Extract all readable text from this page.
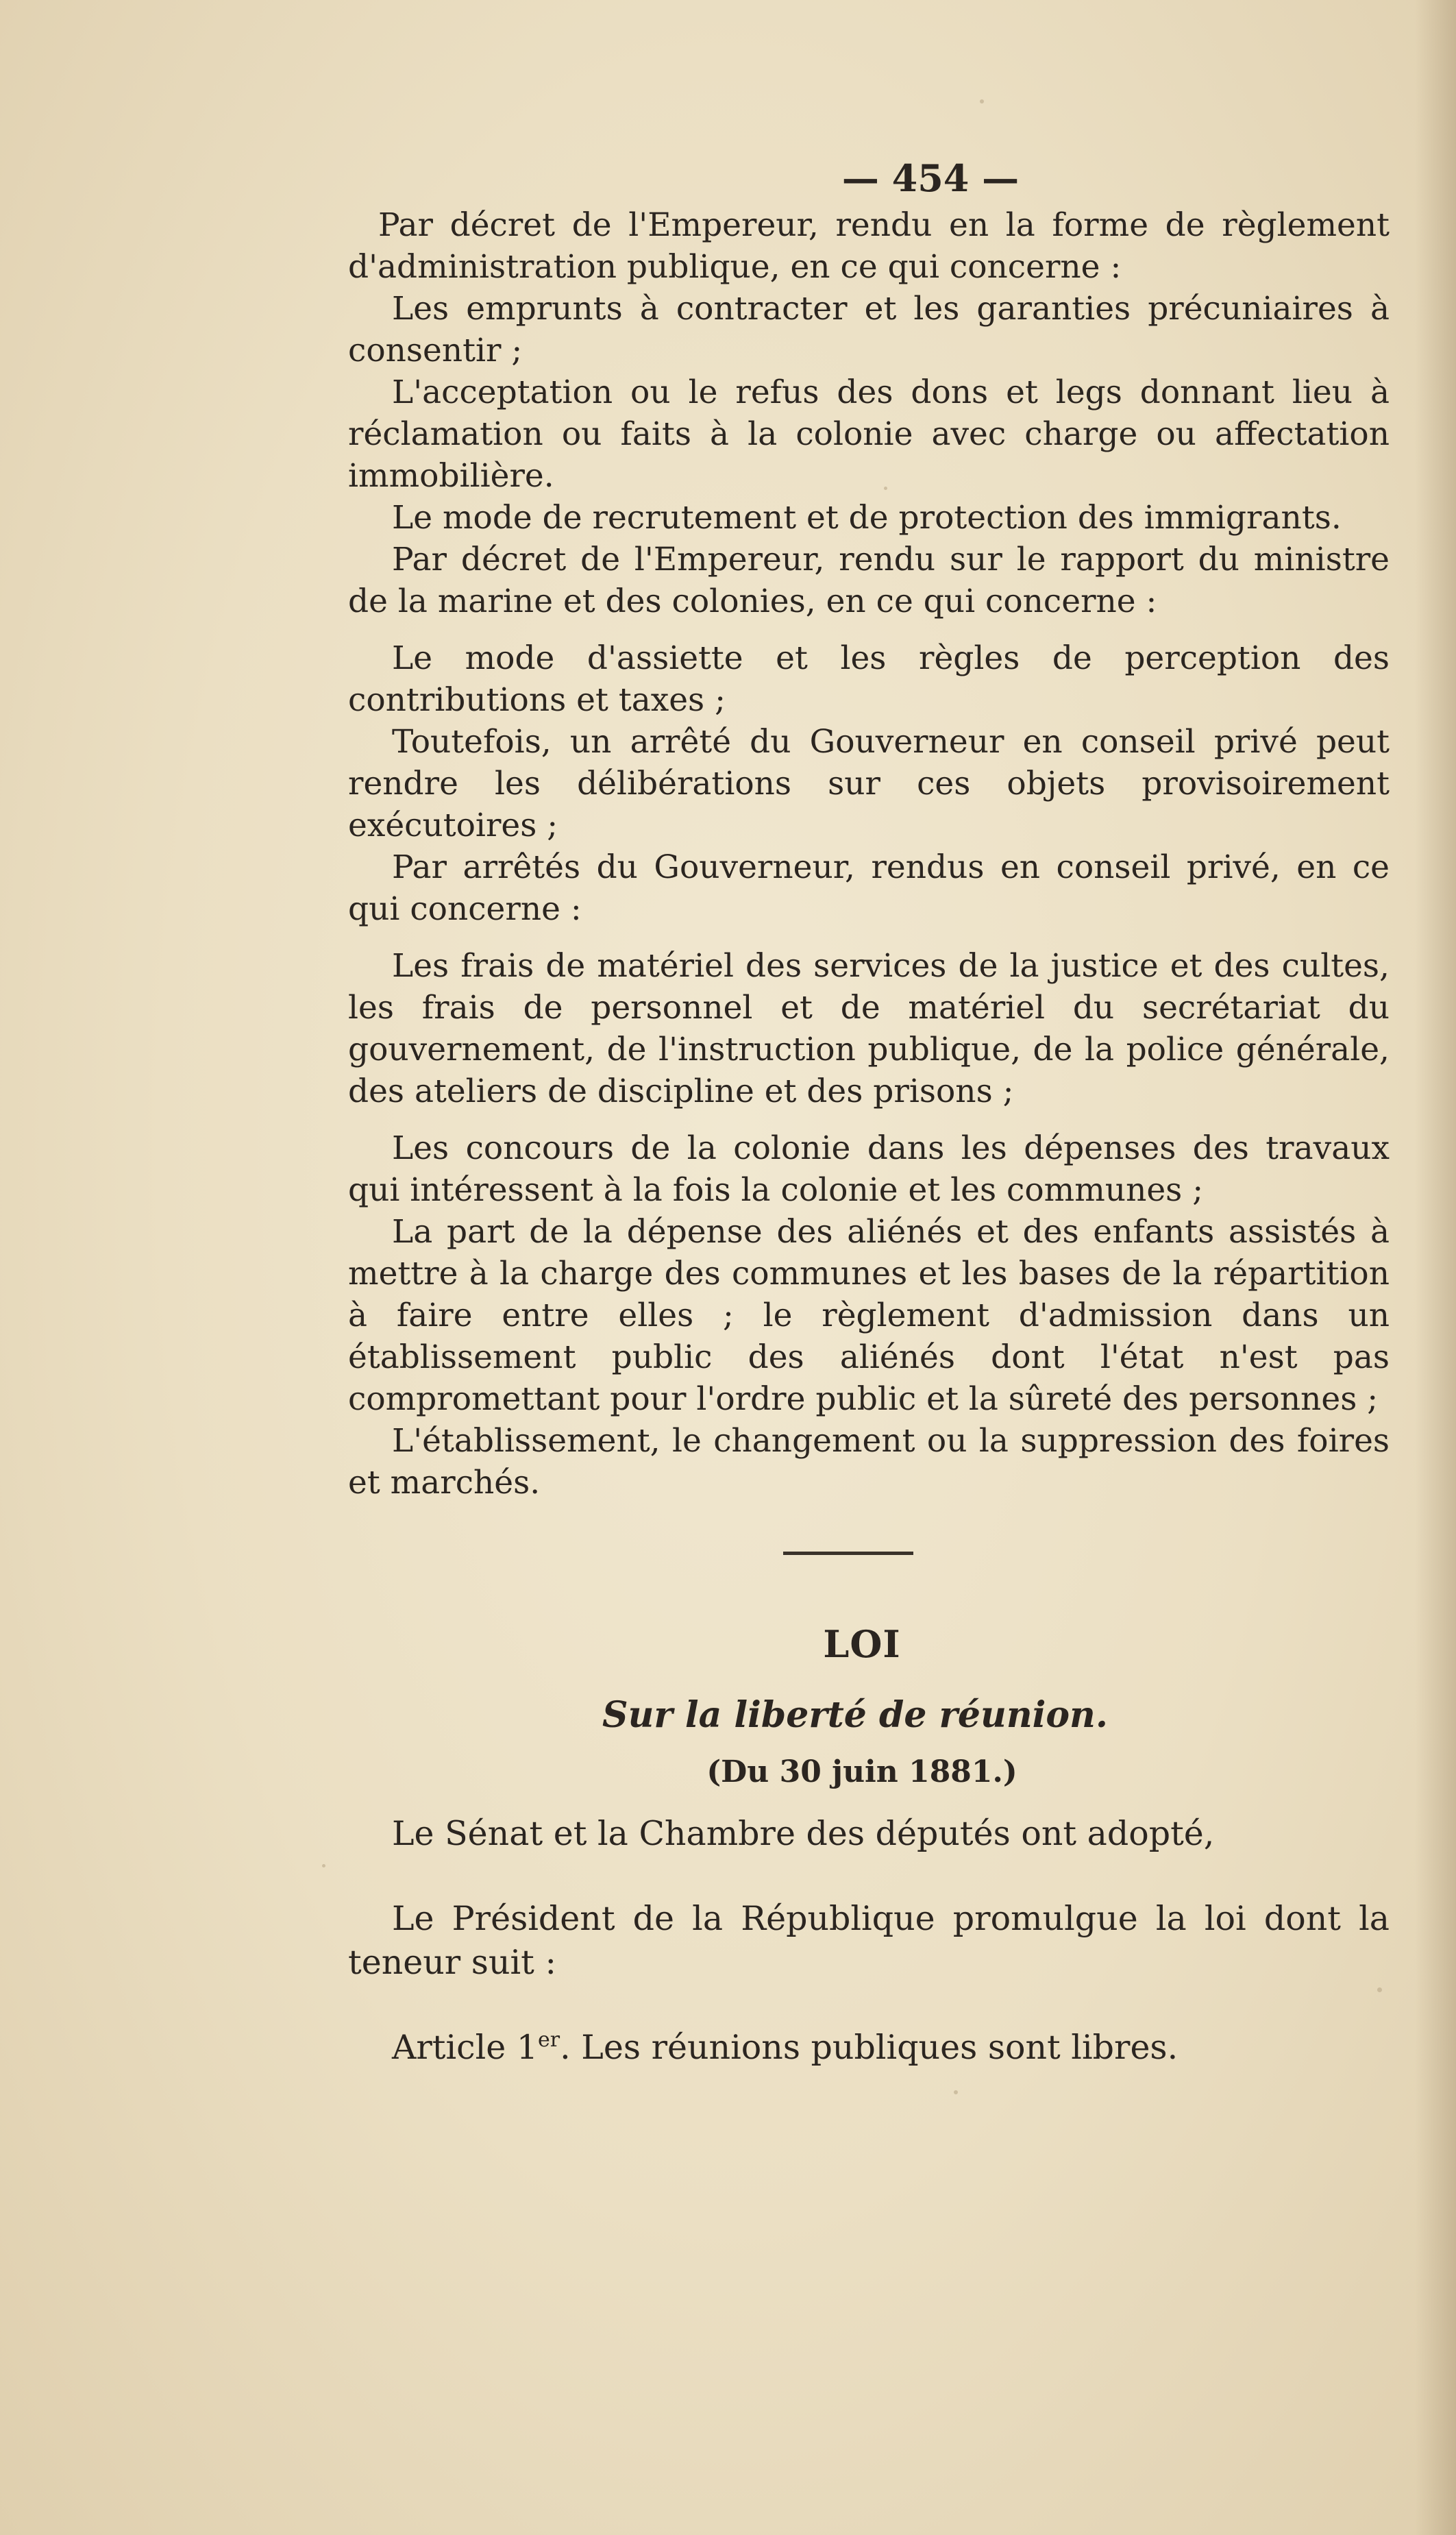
— 454 —

Par décret de l'Empereur, rendu en la forme de règlement d'administration publique, en ce qui concerne :

Les emprunts à contracter et les garanties précuniaires à consentir ;

L'acceptation ou le refus des dons et legs donnant lieu à réclamation ou faits à la colonie avec charge ou affectation immobilière.

Le mode de recrutement et de protection des immigrants.

Par décret de l'Empereur, rendu sur le rapport du ministre de la marine et des colonies, en ce qui concerne :

Le mode d'assiette et les règles de perception des contributions et taxes ;

Toutefois, un arrêté du Gouverneur en conseil privé peut rendre les délibérations sur ces objets provisoirement exécutoires ;

Par arrêtés du Gouverneur, rendus en conseil privé, en ce qui concerne :

Les frais de matériel des services de la justice et des cultes, les frais de personnel et de matériel du secrétariat du gouvernement, de l'instruction publique, de la police générale, des ateliers de discipline et des prisons ;

Les concours de la colonie dans les dépenses des travaux qui intéressent à la fois la colonie et les communes ;

La part de la dépense des aliénés et des enfants assistés à mettre à la charge des communes et les bases de la répartition à faire entre elles ; le règlement d'admission dans un établissement public des aliénés dont l'état n'est pas compromettant pour l'ordre public et la sûreté des personnes ;

L'établissement, le changement ou la suppression des foires et marchés.

LOI
Sur la liberté de réunion.
(Du 30 juin 1881.)

Le Sénat et la Chambre des députés ont adopté,

Le Président de la République promulgue la loi dont la teneur suit :

Article 1er. Les réunions publiques sont libres.
